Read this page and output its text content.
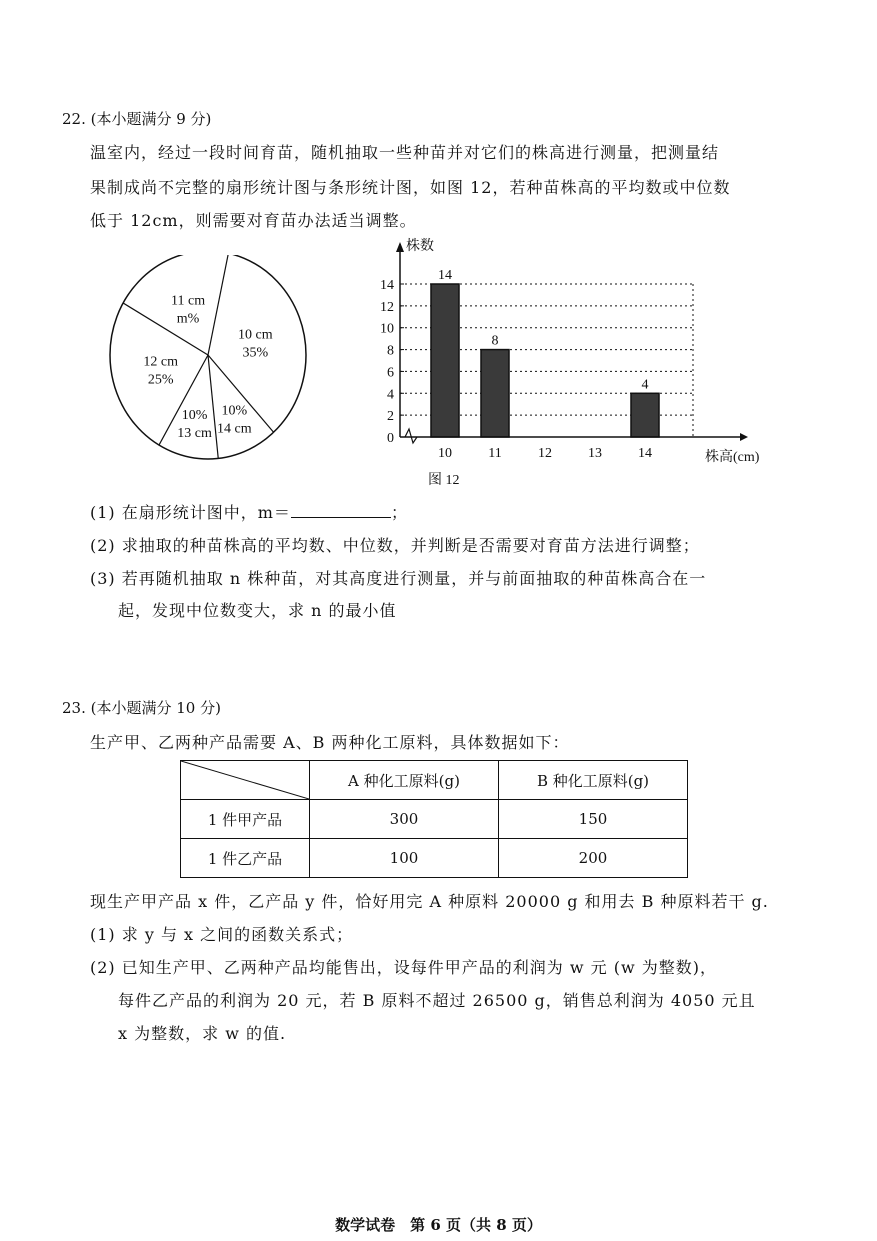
22. (本小题满分 9 分)
温室内，经过一段时间育苗，随机抽取一些种苗并对它们的株高进行测量，把测量结
果制成尚不完整的扇形统计图与条形统计图，如图 12，若种苗株高的平均数或中位数
低于 12cm，则需要对育苗办法适当调整。
10 cm
35%
10%
14 cm
10%
13 cm
12 cm
25%
11 cm
m%
14
8
4
0
2
4
6
8
10
12
14
10	11	12	13	14
株数
株高(cm)
图 12
(1) 在扇形统计图中，m＝	；
(2) 求抽取的种苗株高的平均数、中位数，并判断是否需要对育苗方法进行调整；
(3) 若再随机抽取 n 株种苗，对其高度进行测量，并与前面抽取的种苗株高合在一
起，发现中位数变大，求 n 的最小值
23. (本小题满分 10 分)
生产甲、乙两种产品需要 A、B 两种化工原料，具体数据如下：
	A 种化工原料(g)	B 种化工原料(g)
1 件甲产品	300	150
1 件乙产品	100	200
现生产甲产品 x 件，乙产品 y 件，恰好用完 A 种原料 20000 g 和用去 B 种原料若干 g.
(1) 求 y 与 x 之间的函数关系式；
(2) 已知生产甲、乙两种产品均能售出，设每件甲产品的利润为 w 元 (w 为整数)，
每件乙产品的利润为 20 元，若 B 原料不超过 26500 g，销售总利润为 4050 元且
x 为整数，求 w 的值.
数学试卷　第 6 页（共 8 页）
